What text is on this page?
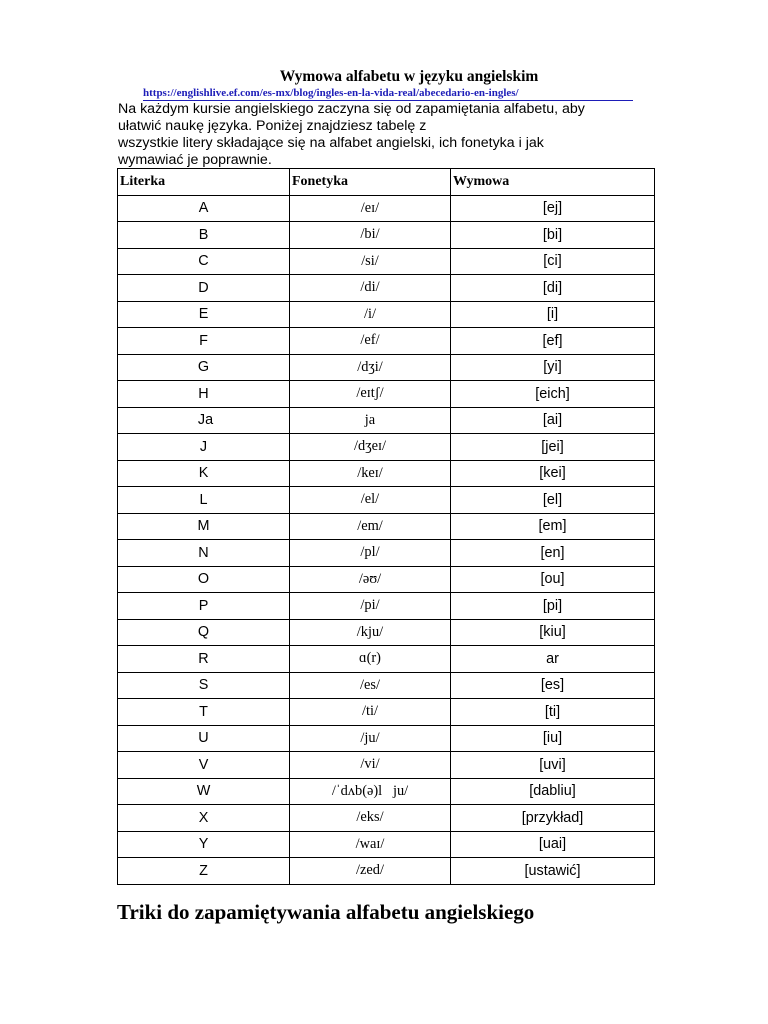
Wymowa alfabetu w języku angielskim
https://englishlive.ef.com/es-mx/blog/ingles-en-la-vida-real/abecedario-en-ingles/
Na każdym kursie angielskiego zaczyna się od zapamiętania alfabetu, aby
ułatwić naukę języka. Poniżej znajdziesz tabelę z
wszystkie litery składające się na alfabet angielski, ich fonetyka i jak
wymawiać je poprawnie.
Literka	Fonetyka	Wymowa
A	/eɪ/	[ej]
B	/bi/	[bi]
C	/si/	[ci]
D	/di/	[di]
E	/i/	[i]
F	/ef/	[ef]
G	/dʒi/	[yi]
H	/eɪtʃ/	[eich]
Ja	ja	[ai]
J	/dʒeɪ/	[jei]
K	/keɪ/	[kei]
L	/el/	[el]
M	/em/	[em]
N	/pl/	[en]
O	/əʊ/	[ou]
P	/pi/	[pi]
Q	/kju/	[kiu]
R	ɑ(r)	ar
S	/es/	[es]
T	/ti/	[ti]
U	/ju/	[iu]
V	/vi/	[uvi]
W	/ˈdʌb(ə)l   ju/	[dabliu]
X	/eks/	[przykład]
Y	/waɪ/	[uai]
Z	/zed/	[ustawić]
Triki do zapamiętywania alfabetu angielskiego
